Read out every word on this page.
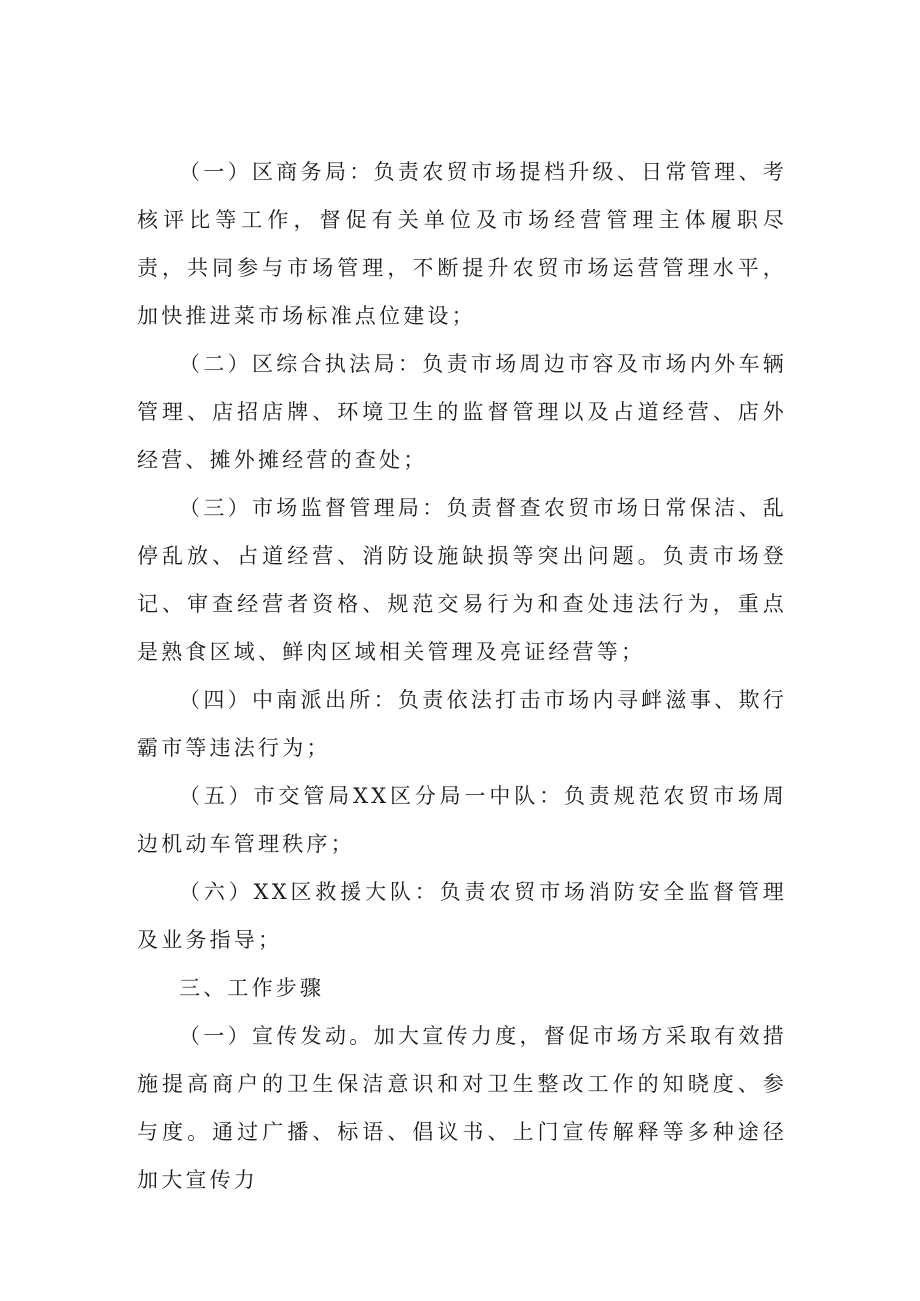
（一）区商务局：负责农贸市场提档升级、日常管理、考核评比等工作，督促有关单位及市场经营管理主体履职尽责，共同参与市场管理，不断提升农贸市场运营管理水平，加快推进菜市场标准点位建设；

（二）区综合执法局：负责市场周边市容及市场内外车辆管理、店招店牌、环境卫生的监督管理以及占道经营、店外经营、摊外摊经营的查处；

（三）市场监督管理局：负责督查农贸市场日常保洁、乱停乱放、占道经营、消防设施缺损等突出问题。负责市场登记、审查经营者资格、规范交易行为和查处违法行为，重点是熟食区域、鲜肉区域相关管理及亮证经营等；

（四）中南派出所：负责依法打击市场内寻衅滋事、欺行霸市等违法行为；

（五）市交管局XX区分局一中队：负责规范农贸市场周边机动车管理秩序；

（六）XX区救援大队：负责农贸市场消防安全监督管理及业务指导；

三、工作步骤

（一）宣传发动。加大宣传力度，督促市场方采取有效措施提高商户的卫生保洁意识和对卫生整改工作的知晓度、参与度。通过广播、标语、倡议书、上门宣传解释等多种途径加大宣传力
